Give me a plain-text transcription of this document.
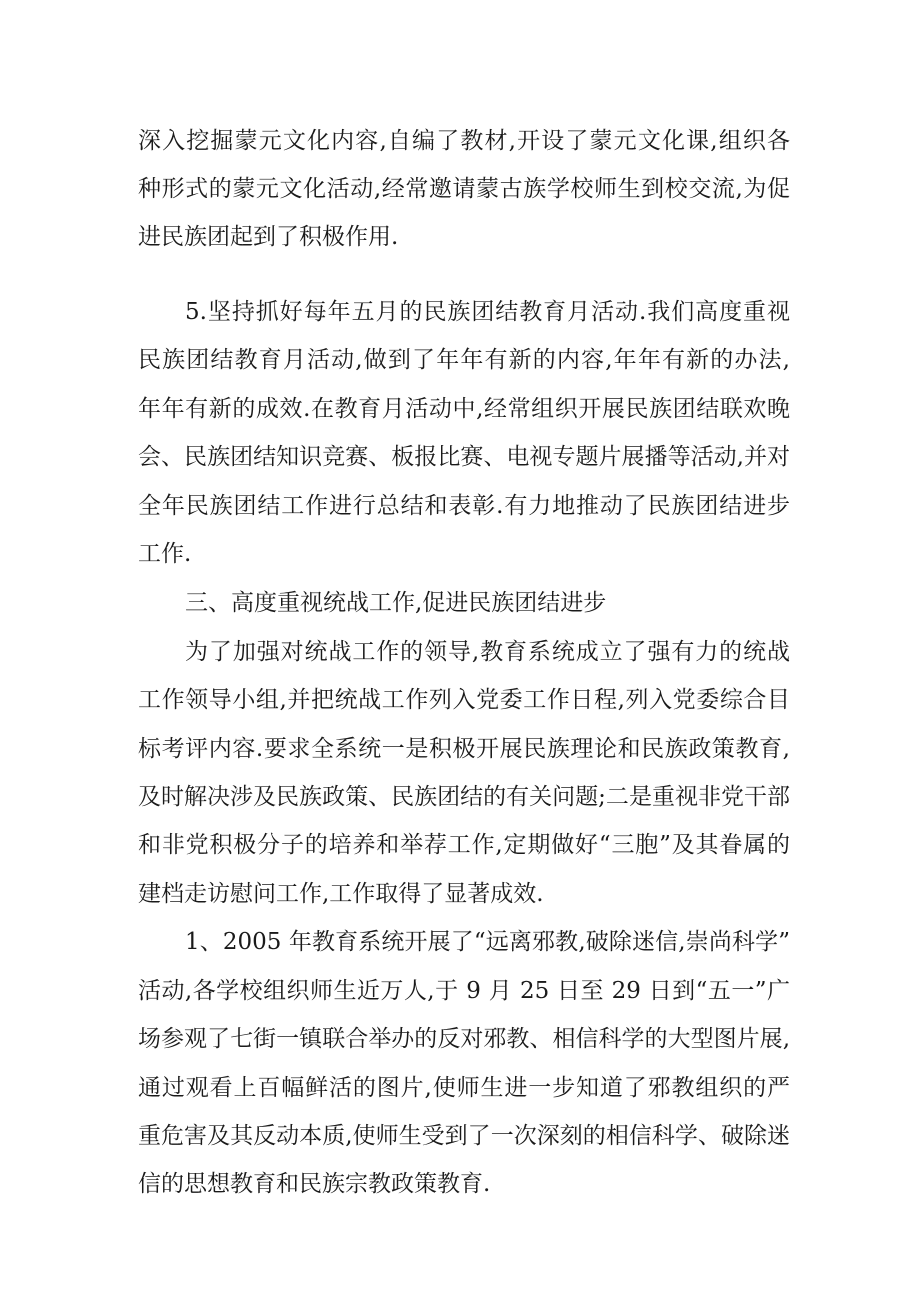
深入挖掘蒙元文化内容,自编了教材,开设了蒙元文化课,组织各
种形式的蒙元文化活动,经常邀请蒙古族学校师生到校交流,为促
进民族团起到了积极作用.
5.坚持抓好每年五月的民族团结教育月活动.我们高度重视
民族团结教育月活动,做到了年年有新的内容,年年有新的办法,
年年有新的成效.在教育月活动中,经常组织开展民族团结联欢晚
会、民族团结知识竞赛、板报比赛、电视专题片展播等活动,并对
全年民族团结工作进行总结和表彰.有力地推动了民族团结进步
工作.
三、高度重视统战工作,促进民族团结进步
为了加强对统战工作的领导,教育系统成立了强有力的统战
工作领导小组,并把统战工作列入党委工作日程,列入党委综合目
标考评内容.要求全系统一是积极开展民族理论和民族政策教育,
及时解决涉及民族政策、民族团结的有关问题;二是重视非党干部
和非党积极分子的培养和举荐工作,定期做好“三胞”及其眷属的
建档走访慰问工作,工作取得了显著成效.
1、2005 年教育系统开展了“远离邪教,破除迷信,崇尚科学”
活动,各学校组织师生近万人,于 9 月 25 日至 29 日到“五一”广
场参观了七街一镇联合举办的反对邪教、相信科学的大型图片展,
通过观看上百幅鲜活的图片,使师生进一步知道了邪教组织的严
重危害及其反动本质,使师生受到了一次深刻的相信科学、破除迷
信的思想教育和民族宗教政策教育.
